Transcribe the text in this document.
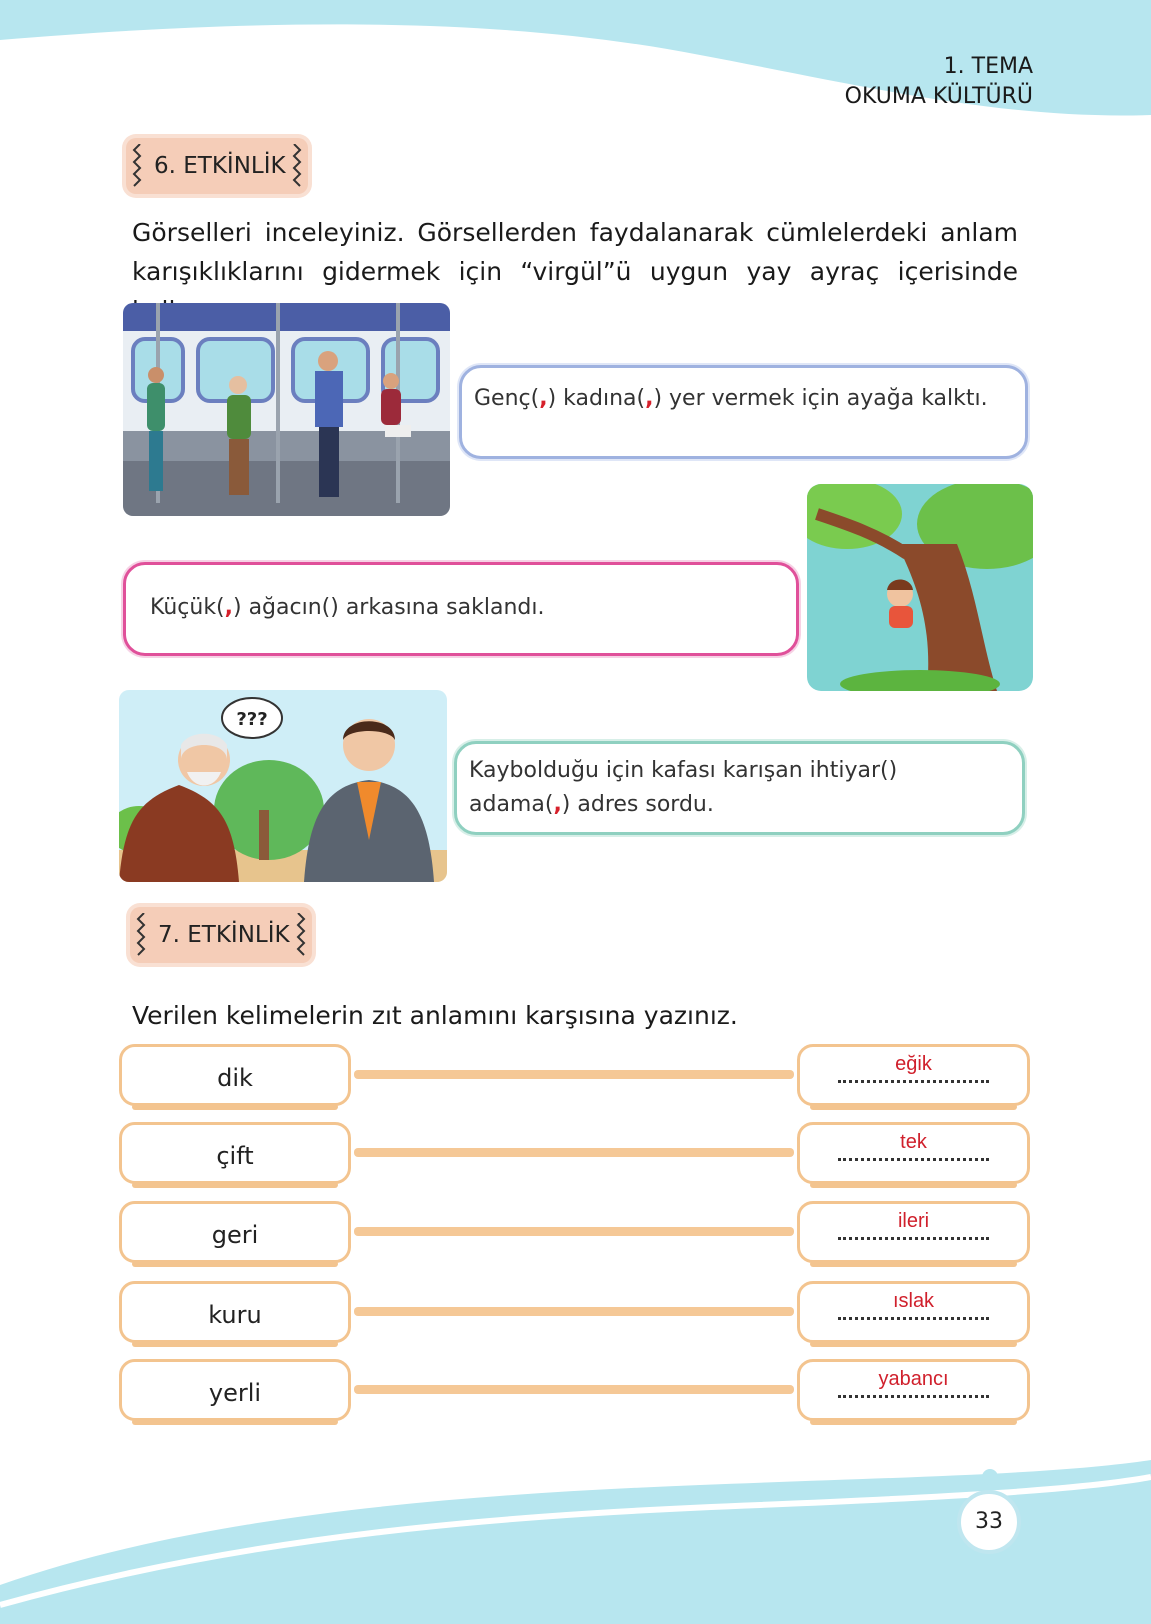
1. TEMA
OKUMA KÜLTÜRÜ
6. ETKİNLİK
Görselleri inceleyiniz. Görsellerden faydalanarak cümlelerdeki anlam karışıklıklarını gidermek için “virgül”ü uygun yay ayraç içerisinde
Genç(,) kadına(,) yer vermek için ayağa kalktı.
Küçük(,) ağacın() arkasına saklandı.
???
Kaybolduğu için kafası karışan ihtiyar()
adama(,) adres sordu.
7. ETKİNLİK
Verilen kelimelerin zıt anlamını karşısına yazınız.
dik	eğik
çift	tek
geri	ileri
kuru	ıslak
yerli	yabancı
33
